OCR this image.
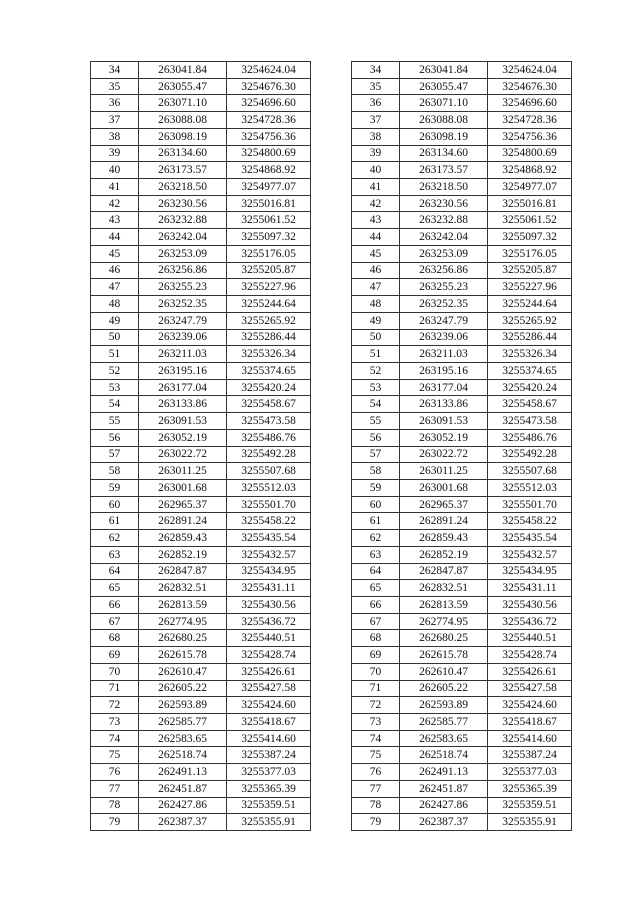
34	263041.84	3254624.04
35	263055.47	3254676.30
36	263071.10	3254696.60
37	263088.08	3254728.36
38	263098.19	3254756.36
39	263134.60	3254800.69
40	263173.57	3254868.92
41	263218.50	3254977.07
42	263230.56	3255016.81
43	263232.88	3255061.52
44	263242.04	3255097.32
45	263253.09	3255176.05
46	263256.86	3255205.87
47	263255.23	3255227.96
48	263252.35	3255244.64
49	263247.79	3255265.92
50	263239.06	3255286.44
51	263211.03	3255326.34
52	263195.16	3255374.65
53	263177.04	3255420.24
54	263133.86	3255458.67
55	263091.53	3255473.58
56	263052.19	3255486.76
57	263022.72	3255492.28
58	263011.25	3255507.68
59	263001.68	3255512.03
60	262965.37	3255501.70
61	262891.24	3255458.22
62	262859.43	3255435.54
63	262852.19	3255432.57
64	262847.87	3255434.95
65	262832.51	3255431.11
66	262813.59	3255430.56
67	262774.95	3255436.72
68	262680.25	3255440.51
69	262615.78	3255428.74
70	262610.47	3255426.61
71	262605.22	3255427.58
72	262593.89	3255424.60
73	262585.77	3255418.67
74	262583.65	3255414.60
75	262518.74	3255387.24
76	262491.13	3255377.03
77	262451.87	3255365.39
78	262427.86	3255359.51
79	262387.37	3255355.91
34	263041.84	3254624.04
35	263055.47	3254676.30
36	263071.10	3254696.60
37	263088.08	3254728.36
38	263098.19	3254756.36
39	263134.60	3254800.69
40	263173.57	3254868.92
41	263218.50	3254977.07
42	263230.56	3255016.81
43	263232.88	3255061.52
44	263242.04	3255097.32
45	263253.09	3255176.05
46	263256.86	3255205.87
47	263255.23	3255227.96
48	263252.35	3255244.64
49	263247.79	3255265.92
50	263239.06	3255286.44
51	263211.03	3255326.34
52	263195.16	3255374.65
53	263177.04	3255420.24
54	263133.86	3255458.67
55	263091.53	3255473.58
56	263052.19	3255486.76
57	263022.72	3255492.28
58	263011.25	3255507.68
59	263001.68	3255512.03
60	262965.37	3255501.70
61	262891.24	3255458.22
62	262859.43	3255435.54
63	262852.19	3255432.57
64	262847.87	3255434.95
65	262832.51	3255431.11
66	262813.59	3255430.56
67	262774.95	3255436.72
68	262680.25	3255440.51
69	262615.78	3255428.74
70	262610.47	3255426.61
71	262605.22	3255427.58
72	262593.89	3255424.60
73	262585.77	3255418.67
74	262583.65	3255414.60
75	262518.74	3255387.24
76	262491.13	3255377.03
77	262451.87	3255365.39
78	262427.86	3255359.51
79	262387.37	3255355.91
